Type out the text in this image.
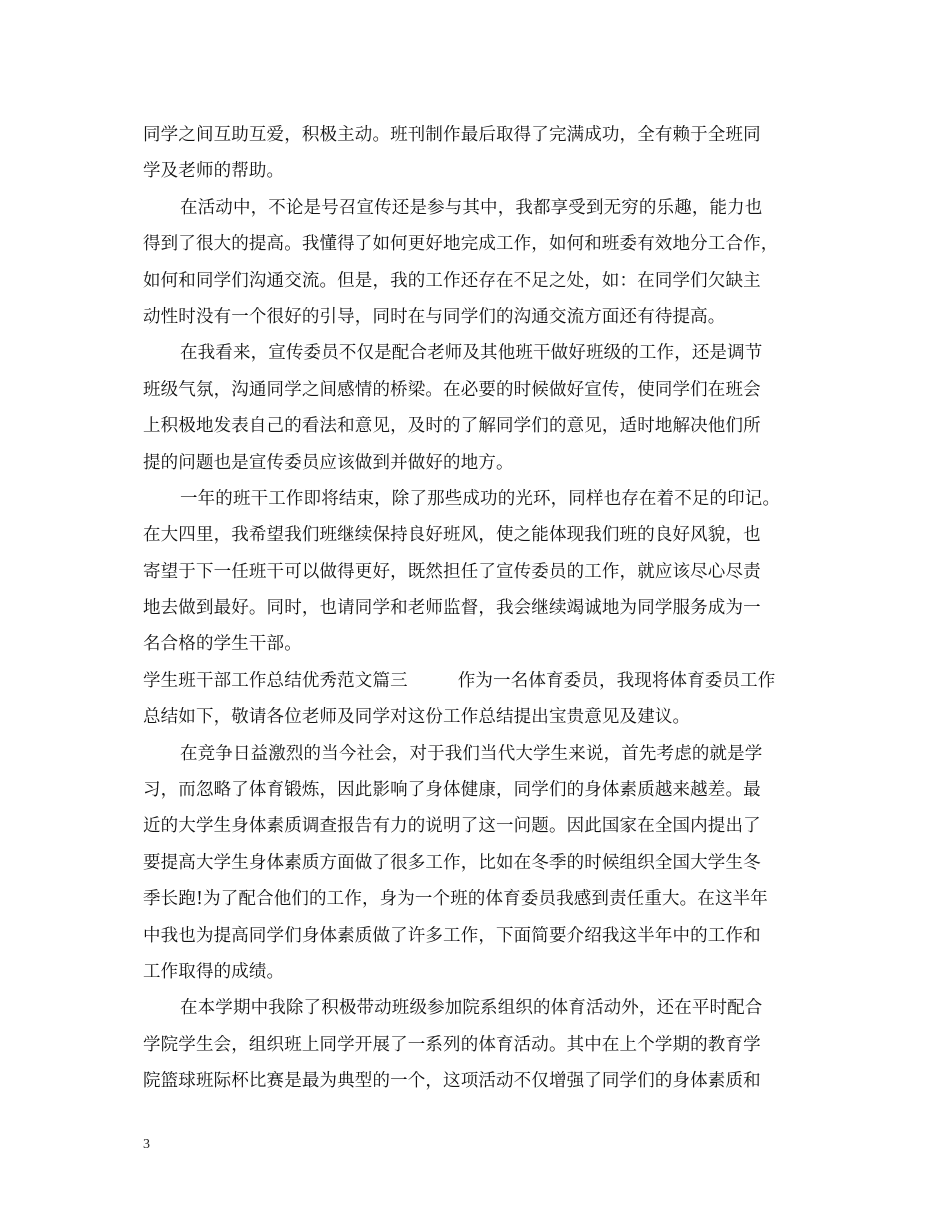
同学之间互助互爱，积极主动。班刊制作最后取得了完满成功，全有赖于全班同
学及老师的帮助。
在活动中，不论是号召宣传还是参与其中，我都享受到无穷的乐趣，能力也
得到了很大的提高。我懂得了如何更好地完成工作，如何和班委有效地分工合作，
如何和同学们沟通交流。但是，我的工作还存在不足之处，如：在同学们欠缺主
动性时没有一个很好的引导，同时在与同学们的沟通交流方面还有待提高。
在我看来，宣传委员不仅是配合老师及其他班干做好班级的工作，还是调节
班级气氛，沟通同学之间感情的桥梁。在必要的时候做好宣传，使同学们在班会
上积极地发表自己的看法和意见，及时的了解同学们的意见，适时地解决他们所
提的问题也是宣传委员应该做到并做好的地方。
一年的班干工作即将结束，除了那些成功的光环，同样也存在着不足的印记。
在大四里，我希望我们班继续保持良好班风，使之能体现我们班的良好风貌，也
寄望于下一任班干可以做得更好，既然担任了宣传委员的工作，就应该尽心尽责
地去做到最好。同时，也请同学和老师监督，我会继续竭诚地为同学服务成为一
名合格的学生干部。
学生班干部工作总结优秀范文篇三	作为一名体育委员，我现将体育委员工作
总结如下，敬请各位老师及同学对这份工作总结提出宝贵意见及建议。
在竞争日益激烈的当今社会，对于我们当代大学生来说，首先考虑的就是学
习，而忽略了体育锻炼，因此影响了身体健康，同学们的身体素质越来越差。最
近的大学生身体素质调查报告有力的说明了这一问题。因此国家在全国内提出了
要提高大学生身体素质方面做了很多工作，比如在冬季的时候组织全国大学生冬
季长跑!为了配合他们的工作，身为一个班的体育委员我感到责任重大。在这半年
中我也为提高同学们身体素质做了许多工作，下面简要介绍我这半年中的工作和
工作取得的成绩。
在本学期中我除了积极带动班级参加院系组织的体育活动外，还在平时配合
学院学生会，组织班上同学开展了一系列的体育活动。其中在上个学期的教育学
院篮球班际杯比赛是最为典型的一个，这项活动不仅增强了同学们的身体素质和
3
